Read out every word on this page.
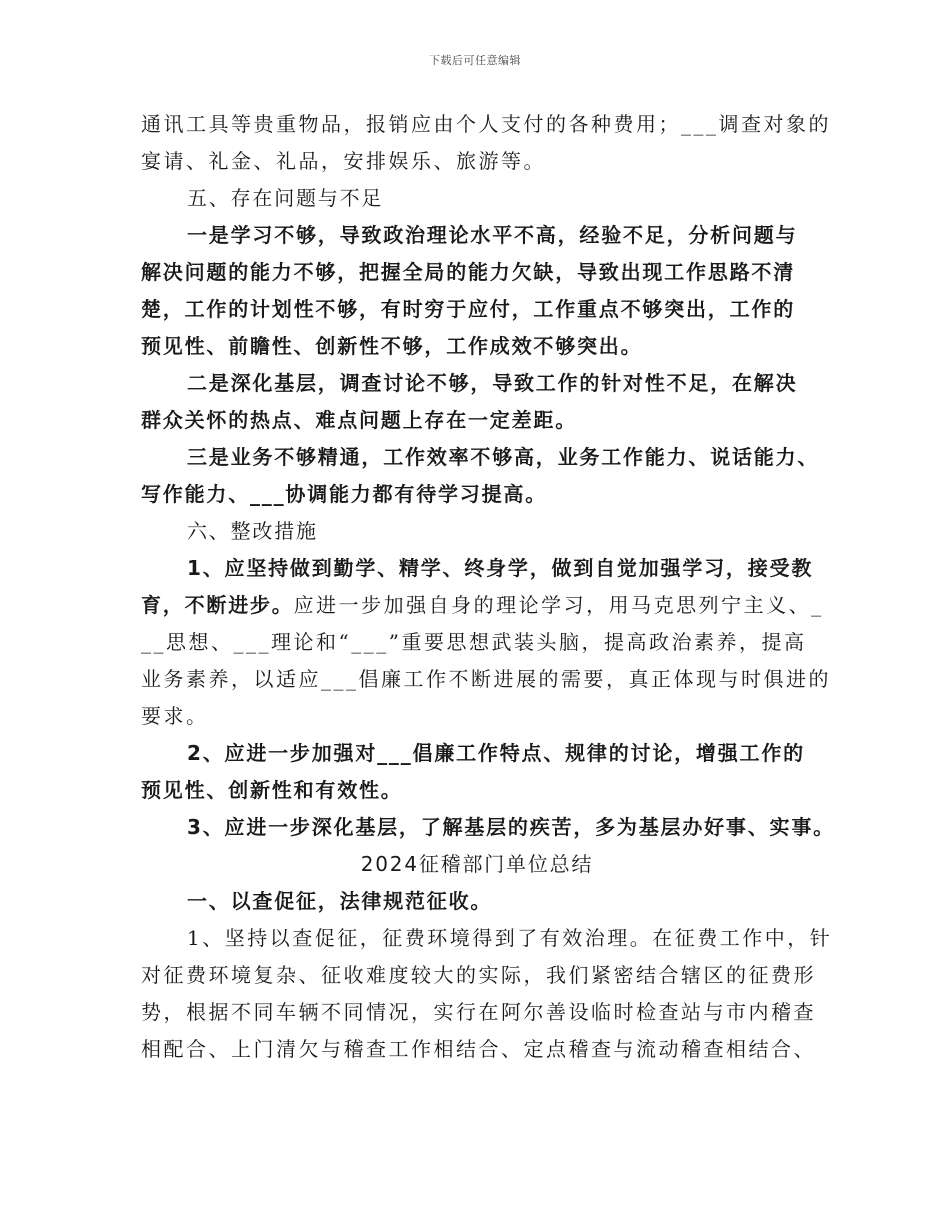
下载后可任意编辑
通讯工具等贵重物品，报销应由个人支付的各种费用；___调查对象的
宴请、礼金、礼品，安排娱乐、旅游等。
五、存在问题与不足
一是学习不够，导致政治理论水平不高，经验不足，分析问题与
解决问题的能力不够，把握全局的能力欠缺，导致出现工作思路不清
楚，工作的计划性不够，有时穷于应付，工作重点不够突出，工作的
预见性、前瞻性、创新性不够，工作成效不够突出。
二是深化基层，调查讨论不够，导致工作的针对性不足，在解决
群众关怀的热点、难点问题上存在一定差距。
三是业务不够精通，工作效率不够高，业务工作能力、说话能力、
写作能力、___协调能力都有待学习提高。
六、整改措施
1、应坚持做到勤学、精学、终身学，做到自觉加强学习，接受教
育，不断进步。应进一步加强自身的理论学习，用马克思列宁主义、_
__思想、___理论和“___”重要思想武装头脑，提高政治素养，提高
业务素养，以适应___倡廉工作不断进展的需要，真正体现与时俱进的
要求。
2、应进一步加强对___倡廉工作特点、规律的讨论，增强工作的
预见性、创新性和有效性。
3、应进一步深化基层，了解基层的疾苦，多为基层办好事、实事。
2024征稽部门单位总结
一、以查促征，法律规范征收。
1、坚持以查促征，征费环境得到了有效治理。在征费工作中，针
对征费环境复杂、征收难度较大的实际，我们紧密结合辖区的征费形
势，根据不同车辆不同情况，实行在阿尔善设临时检查站与市内稽查
相配合、上门清欠与稽查工作相结合、定点稽查与流动稽查相结合、
